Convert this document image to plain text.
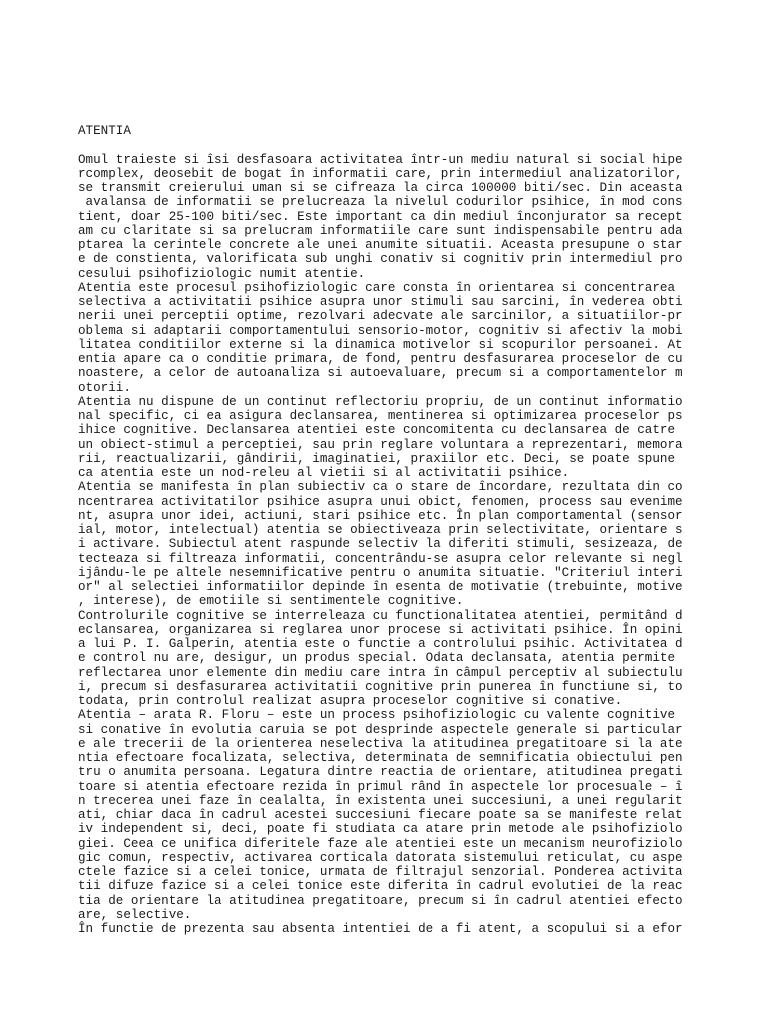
ATENTIA
Omul traieste si îsi desfasoara activitatea într-un mediu natural si social hipe
rcomplex, deosebit de bogat în informatii care, prin intermediul analizatorilor,
se transmit creierului uman si se cifreaza la circa 100000 biti/sec. Din aceasta
avalansa de informatii se prelucreaza la nivelul codurilor psihice, în mod cons
tient, doar 25-100 biti/sec. Este important ca din mediul înconjurator sa recept
am cu claritate si sa prelucram informatiile care sunt indispensabile pentru ada
ptarea la cerintele concrete ale unei anumite situatii. Aceasta presupune o star
e de constienta, valorificata sub unghi conativ si cognitiv prin intermediul pro
cesului psihofiziologic numit atentie.
Atentia este procesul psihofiziologic care consta în orientarea si concentrarea
selectiva a activitatii psihice asupra unor stimuli sau sarcini, în vederea obti
nerii unei perceptii optime, rezolvari adecvate ale sarcinilor, a situatiilor-pr
oblema si adaptarii comportamentului sensorio-motor, cognitiv si afectiv la mobi
litatea conditiilor externe si la dinamica motivelor si scopurilor persoanei. At
entia apare ca o conditie primara, de fond, pentru desfasurarea proceselor de cu
noastere, a celor de autoanaliza si autoevaluare, precum si a comportamentelor m
otorii.
Atentia nu dispune de un continut reflectoriu propriu, de un continut informatio
nal specific, ci ea asigura declansarea, mentinerea si optimizarea proceselor ps
ihice cognitive. Declansarea atentiei este concomitenta cu declansarea de catre
un obiect-stimul a perceptiei, sau prin reglare voluntara a reprezentari, memora
rii, reactualizarii, gândirii, imaginatiei, praxiilor etc. Deci, se poate spune
ca atentia este un nod-releu al vietii si al activitatii psihice.
Atentia se manifesta în plan subiectiv ca o stare de încordare, rezultata din co
ncentrarea activitatilor psihice asupra unui obict, fenomen, process sau evenime
nt, asupra unor idei, actiuni, stari psihice etc. În plan comportamental (sensor
ial, motor, intelectual) atentia se obiectiveaza prin selectivitate, orientare s
i activare. Subiectul atent raspunde selectiv la diferiti stimuli, sesizeaza, de
tecteaza si filtreaza informatii, concentrându-se asupra celor relevante si negl
ijându-le pe altele nesemnificative pentru o anumita situatie. "Criteriul interi
or" al selectiei informatiilor depinde în esenta de motivatie (trebuinte, motive
, interese), de emotiile si sentimentele cognitive.
Controlurile cognitive se interreleaza cu functionalitatea atentiei, permitând d
eclansarea, organizarea si reglarea unor procese si activitati psihice. În opini
a lui P. I. Galperin, atentia este o functie a controlului psihic. Activitatea d
e control nu are, desigur, un produs special. Odata declansata, atentia permite
reflectarea unor elemente din mediu care intra în câmpul perceptiv al subiectulu
i, precum si desfasurarea activitatii cognitive prin punerea în functiune si, to
todata, prin controlul realizat asupra proceselor cognitive si conative.
Atentia – arata R. Floru – este un process psihofiziologic cu valente cognitive
si conative în evolutia caruia se pot desprinde aspectele generale si particular
e ale trecerii de la orienterea neselectiva la atitudinea pregatitoare si la ate
ntia efectoare focalizata, selectiva, determinata de semnificatia obiectului pen
tru o anumita persoana. Legatura dintre reactia de orientare, atitudinea pregati
toare si atentia efectoare rezida în primul rând în aspectele lor procesuale – î
n trecerea unei faze în cealalta, în existenta unei succesiuni, a unei regularit
ati, chiar daca în cadrul acestei succesiuni fiecare poate sa se manifeste relat
iv independent si, deci, poate fi studiata ca atare prin metode ale psihofiziolo
giei. Ceea ce unifica diferitele faze ale atentiei este un mecanism neurofiziolo
gic comun, respectiv, activarea corticala datorata sistemului reticulat, cu aspe
ctele fazice si a celei tonice, urmata de filtrajul senzorial. Ponderea activita
tii difuze fazice si a celei tonice este diferita în cadrul evolutiei de la reac
tia de orientare la atitudinea pregatitoare, precum si în cadrul atentiei efecto
are, selective.
În functie de prezenta sau absenta intentiei de a fi atent, a scopului si a efor
